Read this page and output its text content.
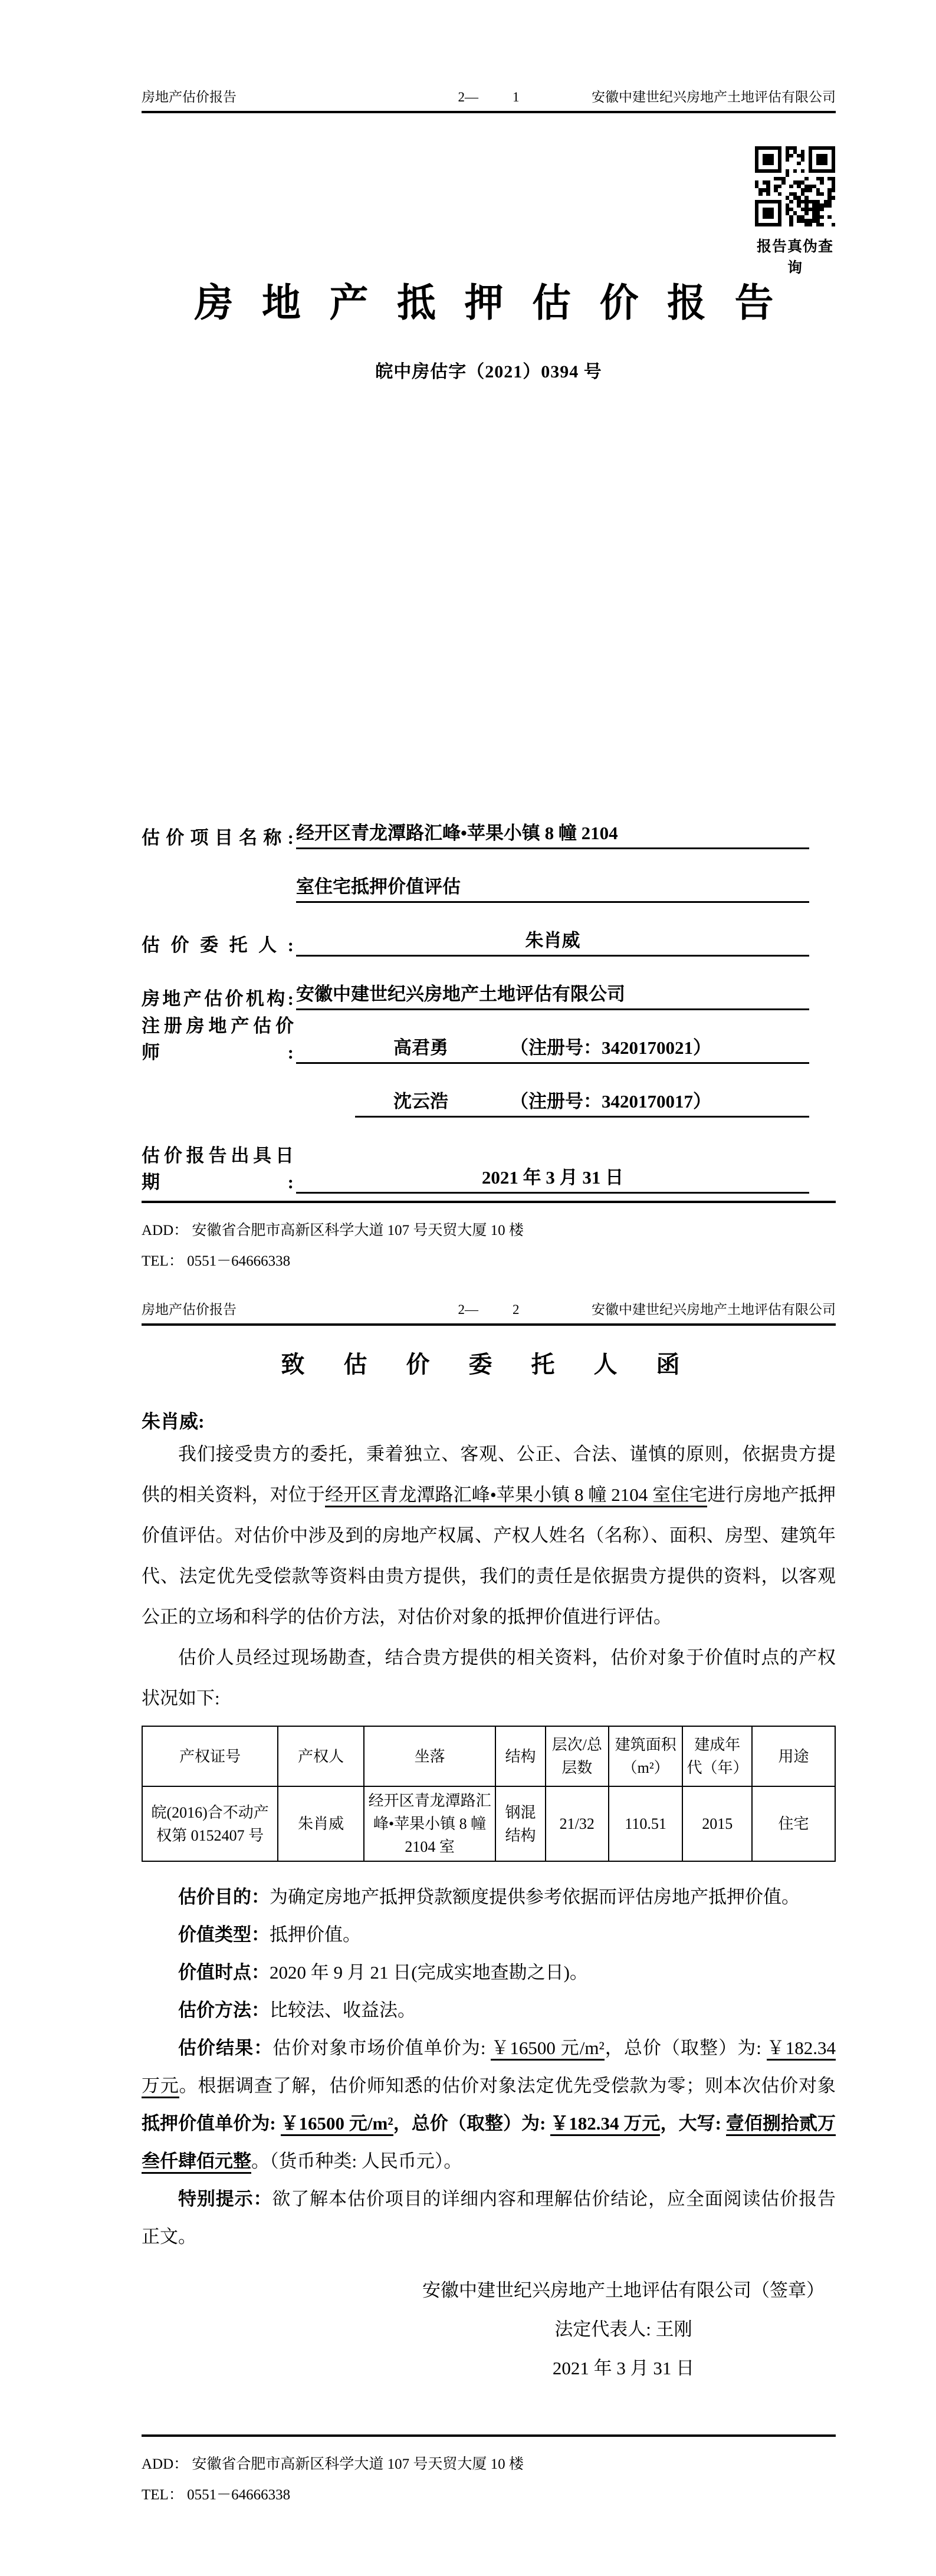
房地产估价报告	2—	1	安徽中建世纪兴房地产土地评估有限公司
报告真伪查询
房 地 产 抵 押 估 价 报 告
皖中房估字（2021）0394 号
估价项目名称: 经开区青龙潭路汇峰•苹果小镇 8 幢 2104
室住宅抵押价值评估
估价委托人:	朱肖威
房地产估价机构: 安徽中建世纪兴房地产土地评估有限公司
注册房地产估价师:	高君勇	（注册号：3420170021）
沈云浩	（注册号：3420170017）
估价报告出具日期:	2021 年 3 月 31 日
ADD： 安徽省合肥市高新区科学大道 107 号天贸大厦 10 楼
TEL： 0551－64666338
房地产估价报告	2—	2	安徽中建世纪兴房地产土地评估有限公司
致 估 价 委 托 人 函
朱肖威:

我们接受贵方的委托，秉着独立、客观、公正、合法、谨慎的原则，依据贵方提供的相关资料，对位于经开区青龙潭路汇峰•苹果小镇 8 幢 2104 室住宅进行房地产抵押价值评估。对估价中涉及到的房地产权属、产权人姓名（名称）、面积、房型、建筑年代、法定优先受偿款等资料由贵方提供，我们的责任是依据贵方提供的资料，以客观公正的立场和科学的估价方法，对估价对象的抵押价值进行评估。

估价人员经过现场勘查，结合贵方提供的相关资料，估价对象于价值时点的产权状况如下:

产权证号	产权人	坐落	结构	层次/总层数	建筑面积（m²）	建成年代（年）	用途
皖(2016)合不动产权第 0152407 号	朱肖威	经开区青龙潭路汇峰•苹果小镇 8 幢 2104 室	钢混结构	21/32	110.51	2015	住宅
估价目的：为确定房地产抵押贷款额度提供参考依据而评估房地产抵押价值。
价值类型：抵押价值。
价值时点：2020 年 9 月 21 日(完成实地查勘之日)。
估价方法：比较法、收益法。

估价结果：估价对象市场价值单价为: ￥16500 元/m²，总价（取整）为: ￥182.34 万元。根据调查了解，估价师知悉的估价对象法定优先受偿款为零；则本次估价对象抵押价值单价为: ￥16500 元/m²，总价（取整）为: ￥182.34 万元，大写: 壹佰捌拾贰万叁仟肆佰元整。（货币种类: 人民币元）。

特别提示：欲了解本估价项目的详细内容和理解估价结论，应全面阅读估价报告正文。

安徽中建世纪兴房地产土地评估有限公司（签章）
法定代表人: 王刚
2021 年 3 月 31 日
ADD： 安徽省合肥市高新区科学大道 107 号天贸大厦 10 楼
TEL： 0551－64666338
